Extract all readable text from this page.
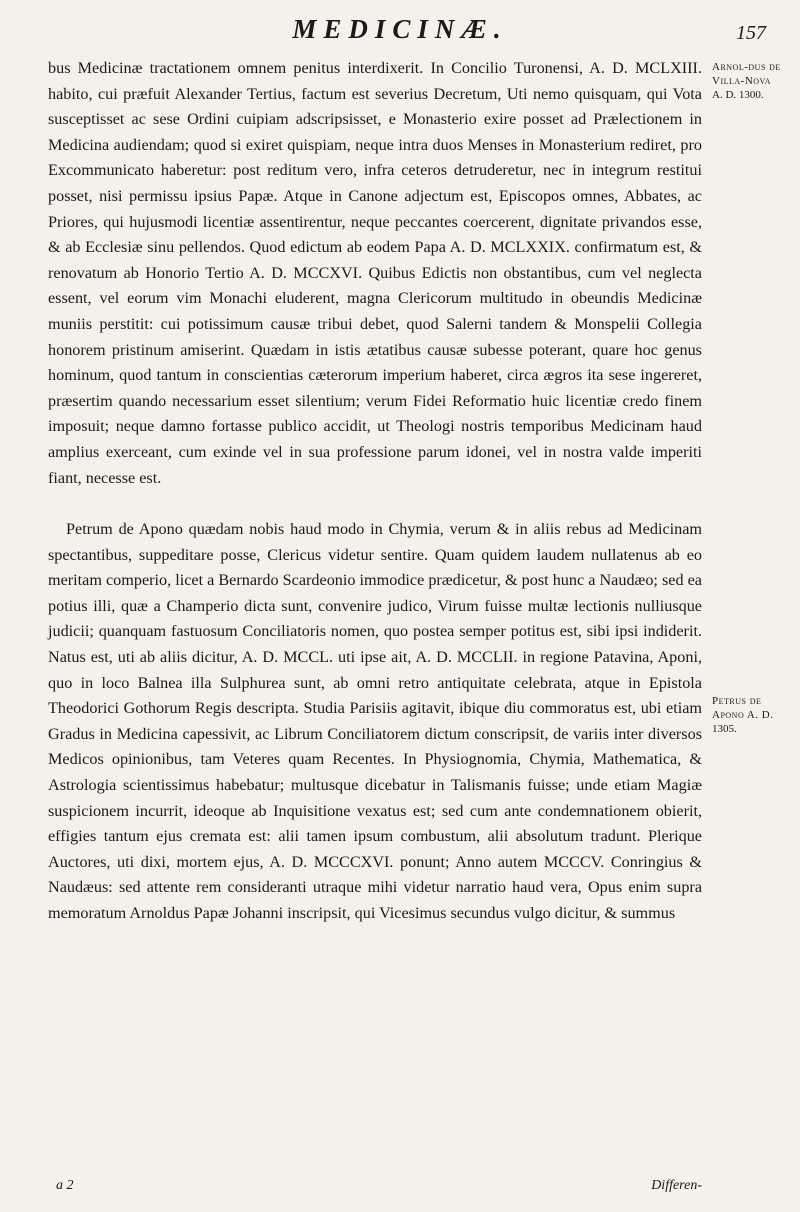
MEDICINÆ.	157

bus Medicinæ tractationem omnem penitus interdixerit. In Concilio Turonensi, A. D. MCLXIII. habito, cui præfuit Alexander Tertius, factum est severius Decretum, Uti nemo quisquam, qui Vota susceptisset ac sese Ordini cuipiam adscripsisset, e Monasterio exire posset ad Prælectionem in Medicina audiendam; quod si exiret quispiam, neque intra duos Menses in Monasterium rediret, pro Excommunicato haberetur: post reditum vero, infra ceteros detruderetur, nec in integrum restitui posset, nisi permissu ipsius Papæ. Atque in Canone adjectum est, Episcopos omnes, Abbates, ac Priores, qui hujusmodi licentiæ assentirentur, neque peccantes coercerent, dignitate privandos esse, & ab Ecclesiæ sinu pellendos. Quod edictum ab eodem Papa A. D. MCLXXIX. confirmatum est, & renovatum ab Honorio Tertio A. D. MCCXVI. Quibus Edictis non obstantibus, cum vel neglecta essent, vel eorum vim Monachi eluderent, magna Clericorum multitudo in obeundis Medicinæ muniis perstitit: cui potissimum causæ tribui debet, quod Salerni tandem & Monspelii Collegia honorem pristinum amiserint. Quædam in istis ætatibus causæ subesse poterant, quare hoc genus hominum, quod tantum in conscientias cæterorum imperium haberet, circa ægros ita sese ingereret, præsertim quando necessarium esset silentium; verum Fidei Reformatio huic licentiæ credo finem imposuit; neque damno fortasse publico accidit, ut Theologi nostris temporibus Medicinam haud amplius exerceant, cum exinde vel in sua professione parum idonei, vel in nostra valde imperiti fiant, necesse est.

Petrum de Apono quædam nobis haud modo in Chymia, verum & in aliis rebus ad Medicinam spectantibus, suppeditare posse, Clericus videtur sentire. Quam quidem laudem nullatenus ab eo meritam comperio, licet a Bernardo Scardeonio immodice prædicetur, & post hunc a Naudæo; sed ea potius illi, quæ a Champerio dicta sunt, convenire judico, Virum fuisse multæ lectionis nulliusque judicii; quanquam fastuosum Conciliatoris nomen, quo postea semper potitus est, sibi ipsi indiderit. Natus est, uti ab aliis dicitur, A. D. MCCL. uti ipse ait, A. D. MCCLII. in regione Patavina, Aponi, quo in loco Balnea illa Sulphurea sunt, ab omni retro antiquitate celebrata, atque in Epistola Theodorici Gothorum Regis descripta. Studia Parisiis agitavit, ibique diu commoratus est, ubi etiam Gradus in Medicina capessivit, ac Librum Conciliatorem dictum conscripsit, de variis inter diversos Medicos opinionibus, tam Veteres quam Recentes. In Physiognomia, Chymia, Mathematica, & Astrologia scientissimus habebatur; multusque dicebatur in Talismanis fuisse; unde etiam Magiæ suspicionem incurrit, ideoque ab Inquisitione vexatus est; sed cum ante condemnationem obierit, effigies tantum ejus cremata est: alii tamen ipsum combustum, alii absolutum tradunt. Plerique Auctores, uti dixi, mortem ejus, A. D. MCCCXVI. ponunt; Anno autem MCCCV. Conringius & Naudæus: sed attente rem consideranti utraque mihi videtur narratio haud vera, Opus enim supra memoratum Arnoldus Papæ Johanni inscripsit, qui Vicesimus secundus vulgo dicitur, & summus

Arnol-dus de Villa-Nova
A. D. 1300.
Petrus de Apono A. D.
1305.
a 2	Differen-
